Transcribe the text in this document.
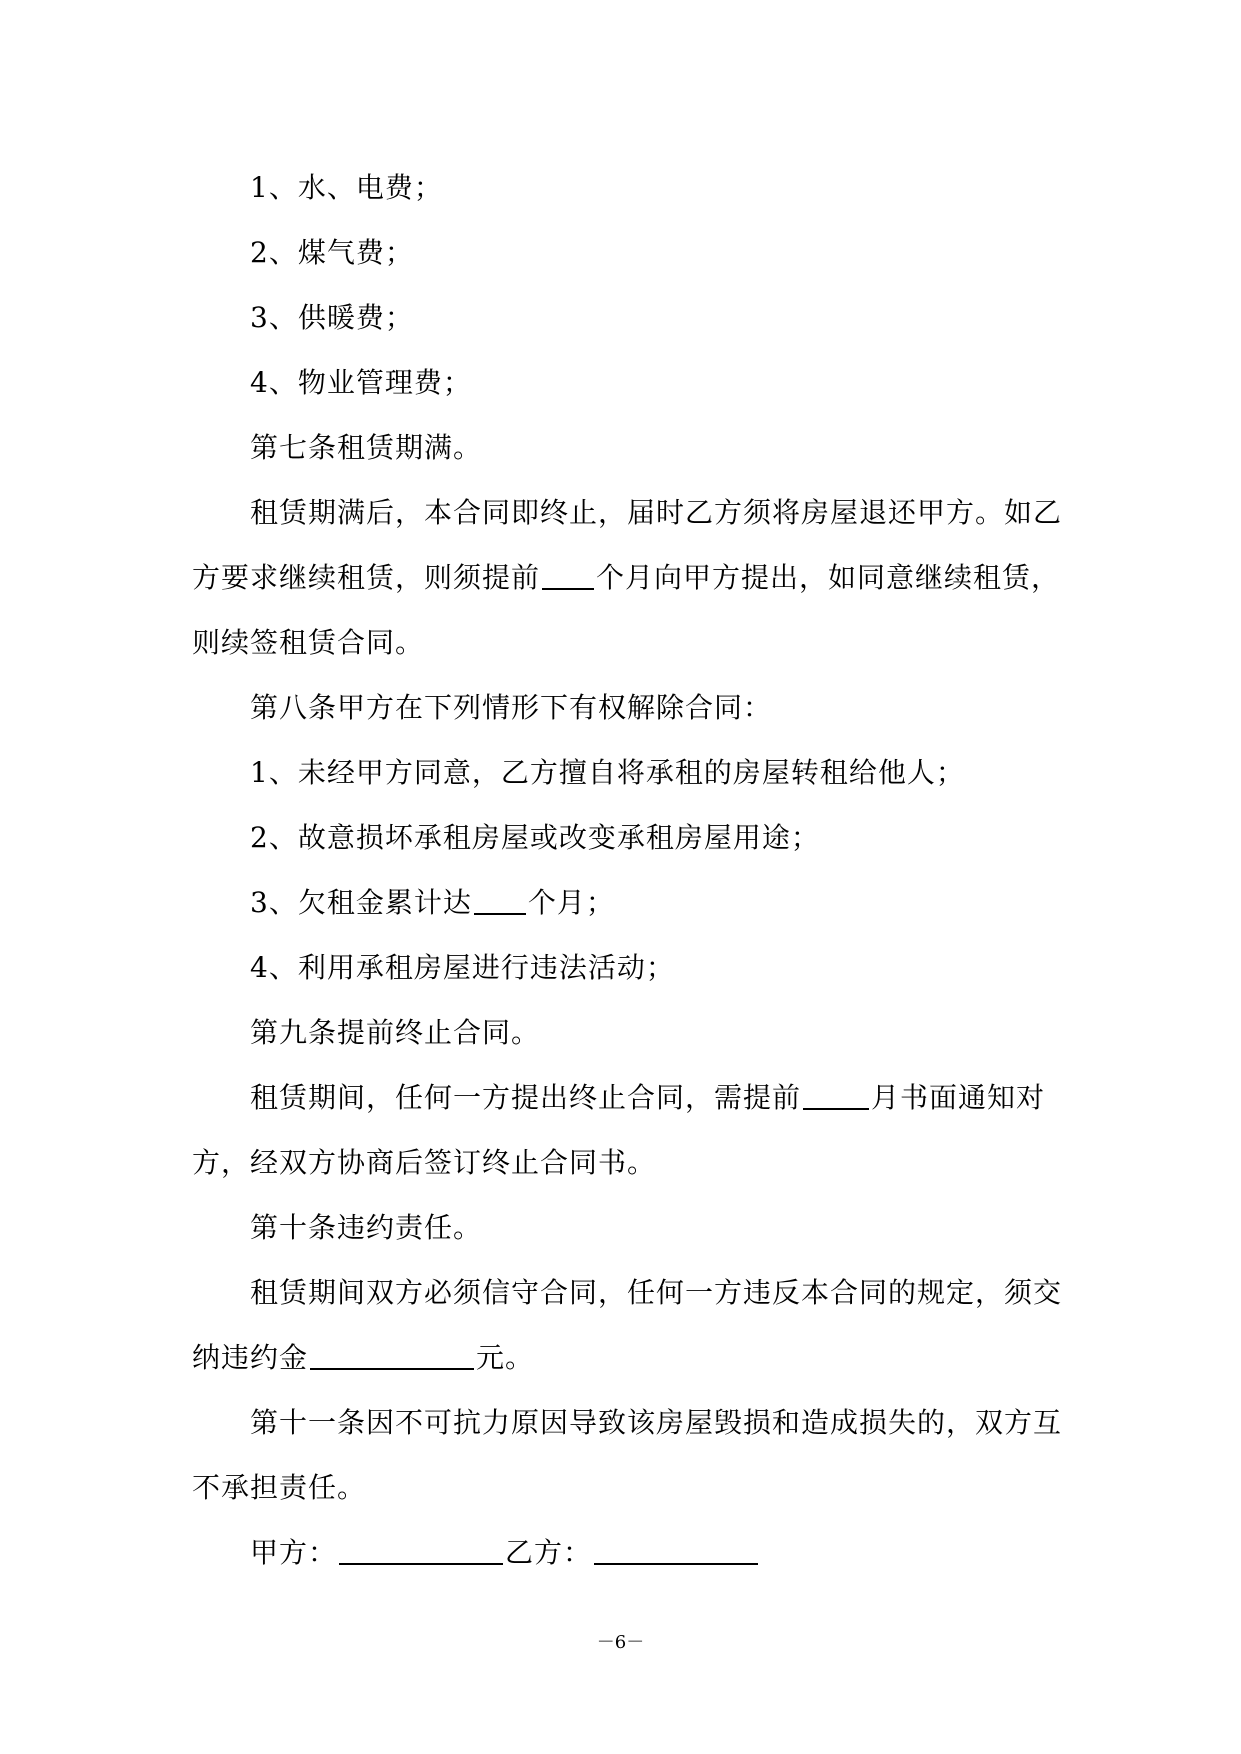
1、水、电费；
2、煤气费；
3、供暖费；
4、物业管理费；
第七条租赁期满。
租赁期满后，本合同即终止，届时乙方须将房屋退还甲方。如乙
方要求继续租赁，则须提前 个月向甲方提出，如同意继续租赁，
则续签租赁合同。
第八条甲方在下列情形下有权解除合同：
1、未经甲方同意，乙方擅自将承租的房屋转租给他人；
2、故意损坏承租房屋或改变承租房屋用途；
3、欠租金累计达 个月；
4、利用承租房屋进行违法活动；
第九条提前终止合同。
租赁期间，任何一方提出终止合同，需提前	月书面通知对
方，经双方协商后签订终止合同书。
第十条违约责任。
租赁期间双方必须信守合同，任何一方违反本合同的规定，须交
纳违约金	元。
第十一条因不可抗力原因导致该房屋毁损和造成损失的，双方互
不承担责任。
甲方：	乙方：
－6－
